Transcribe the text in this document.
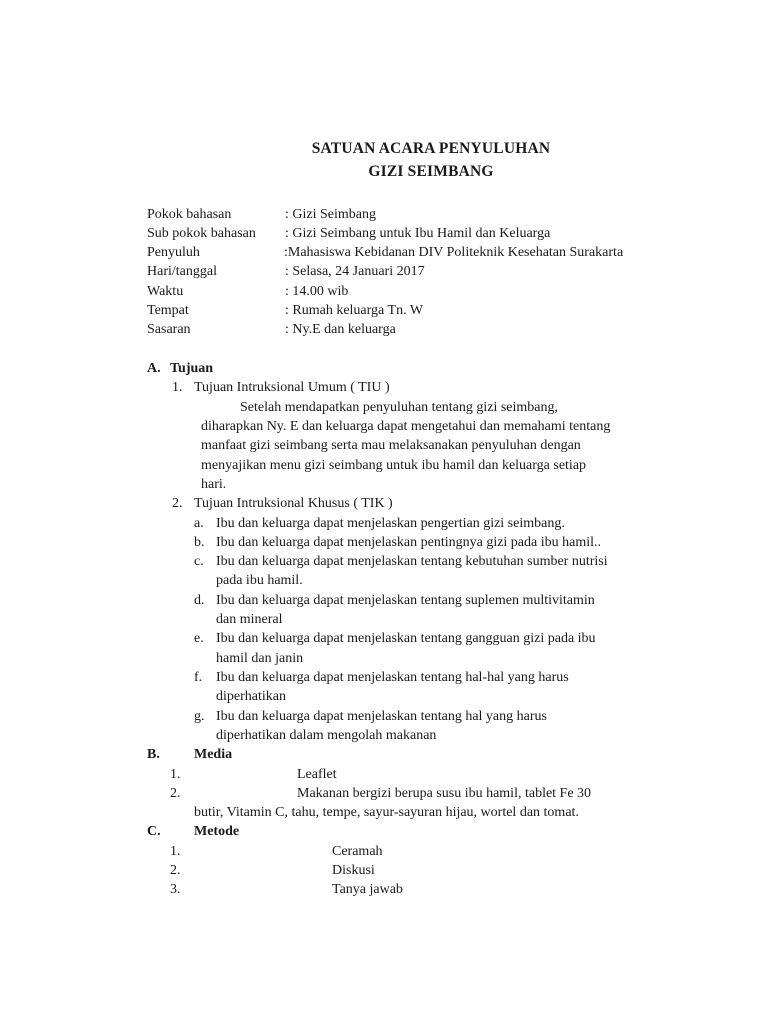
SATUAN ACARA PENYULUHAN
GIZI SEIMBANG
Pokok bahasan	: Gizi Seimbang
Sub pokok bahasan : Gizi Seimbang untuk Ibu Hamil dan Keluarga
Penyuluh	:Mahasiswa Kebidanan DIV Politeknik Kesehatan Surakarta
Hari/tanggal	: Selasa, 24 Januari 2017
Waktu	: 14.00 wib
Tempat	: Rumah keluarga Tn. W
Sasaran	: Ny.E dan keluarga
A. Tujuan
1. Tujuan Intruksional Umum ( TIU )
Setelah mendapatkan penyuluhan tentang gizi seimbang,
diharapkan Ny. E dan keluarga dapat mengetahui dan memahami tentang
manfaat gizi seimbang serta mau melaksanakan penyuluhan dengan
menyajikan menu gizi seimbang untuk ibu hamil dan keluarga setiap
hari.
2. Tujuan Intruksional Khusus ( TIK )
a. Ibu dan keluarga dapat menjelaskan pengertian gizi seimbang.
b. Ibu dan keluarga dapat menjelaskan pentingnya gizi pada ibu hamil..
c. Ibu dan keluarga dapat menjelaskan tentang kebutuhan sumber nutrisi
pada ibu hamil.
d. Ibu dan keluarga dapat menjelaskan tentang suplemen multivitamin
dan mineral
e. Ibu dan keluarga dapat menjelaskan tentang gangguan gizi pada ibu
hamil dan janin
f. Ibu dan keluarga dapat menjelaskan tentang hal-hal yang harus
diperhatikan
g. Ibu dan keluarga dapat menjelaskan tentang hal yang harus
diperhatikan dalam mengolah makanan
B. Media
1.	Leaflet
2.	Makanan bergizi berupa susu ibu hamil, tablet Fe 30
butir, Vitamin C, tahu, tempe, sayur-sayuran hijau, wortel dan tomat.
C. Metode
1.	Ceramah
2.	Diskusi
3.	Tanya jawab
